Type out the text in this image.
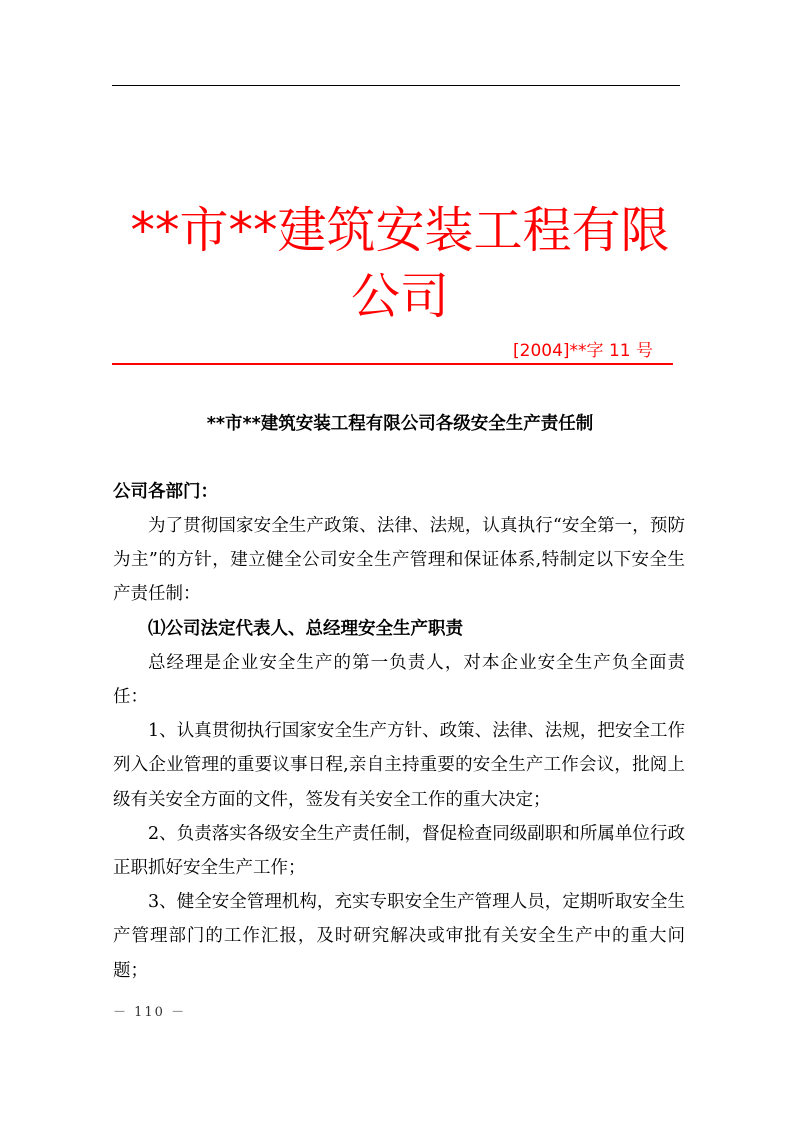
**市**建筑安装工程有限
公司
[2004]**字 11 号
**市**建筑安装工程有限公司各级安全生产责任制
公司各部门：

为了贯彻国家安全生产政策、法律、法规，认真执行“安全第一，预防为主”的方针，建立健全公司安全生产管理和保证体系,特制定以下安全生产责任制：

⑴公司法定代表人、总经理安全生产职责

总经理是企业安全生产的第一负责人，对本企业安全生产负全面责任：

1、认真贯彻执行国家安全生产方针、政策、法律、法规，把安全工作列入企业管理的重要议事日程,亲自主持重要的安全生产工作会议，批阅上级有关安全方面的文件，签发有关安全工作的重大决定；

2、负责落实各级安全生产责任制，督促检查同级副职和所属单位行政正职抓好安全生产工作；

3、健全安全管理机构，充实专职安全生产管理人员，定期听取安全生产管理部门的工作汇报，及时研究解决或审批有关安全生产中的重大问题；

－ 110 －
